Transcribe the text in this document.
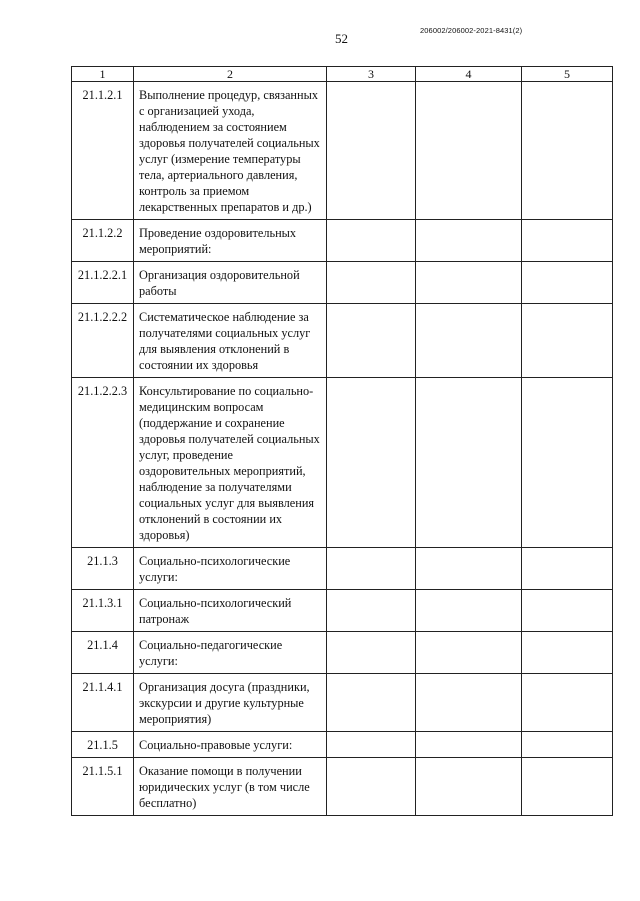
52
206002/206002-2021-8431(2)
1	2	3	4	5
21.1.2.1	Выполнение процедур, связанных с организацией ухода, наблюдением за состоянием здоровья получателей социальных услуг (измерение температуры тела, артериального давления, контроль за приемом лекарственных препаратов и др.)			
21.1.2.2	Проведение оздоровительных мероприятий:			
21.1.2.2.1	Организация оздоровительной работы			
21.1.2.2.2	Систематическое наблюдение за получателями социальных услуг для выявления отклонений в состоянии их здоровья			
21.1.2.2.3	Консультирование по социально-медицинским вопросам (поддержание и сохранение здоровья получателей социальных услуг, проведение оздоровительных мероприятий, наблюдение за получателями социальных услуг для выявления отклонений в состоянии их здоровья)			
21.1.3	Социально-психологические услуги:			
21.1.3.1	Социально-психологический патронаж			
21.1.4	Социально-педагогические услуги:			
21.1.4.1	Организация досуга (праздники, экскурсии и другие культурные мероприятия)			
21.1.5	Социально-правовые услуги:			
21.1.5.1	Оказание помощи в получении юридических услуг (в том числе бесплатно)			
